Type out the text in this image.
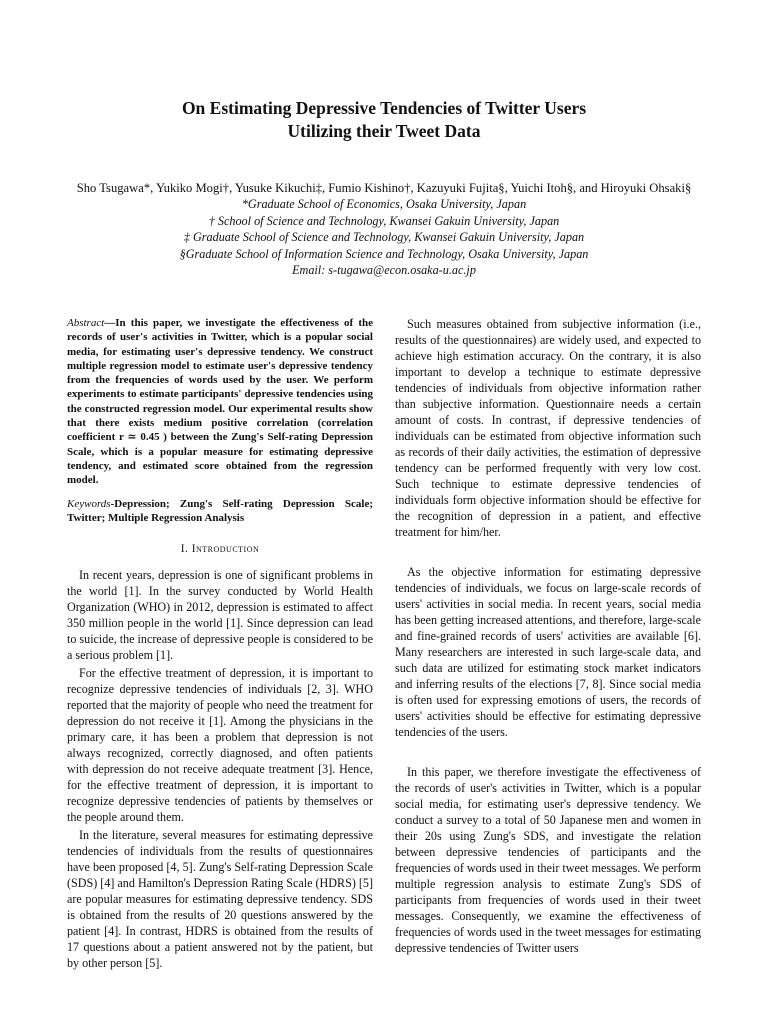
On Estimating Depressive Tendencies of Twitter Users
Utilizing their Tweet Data
Sho Tsugawa*, Yukiko Mogi†, Yusuke Kikuchi‡, Fumio Kishino†, Kazuyuki Fujita§, Yuichi Itoh§, and Hiroyuki Ohsaki§
*Graduate School of Economics, Osaka University, Japan
† School of Science and Technology, Kwansei Gakuin University, Japan
‡ Graduate School of Science and Technology, Kwansei Gakuin University, Japan
§Graduate School of Information Science and Technology, Osaka University, Japan
Email: s-tugawa@econ.osaka-u.ac.jp
Abstract—In this paper, we investigate the effectiveness of the records of user's activities in Twitter, which is a popular social media, for estimating user's depressive tendency. We construct multiple regression model to estimate user's depressive tendency from the frequencies of words used by the user. We perform experiments to estimate participants' depressive tendencies using the constructed regression model. Our experimental results show that there exists medium positive correlation (correlation coefficient r ≃ 0.45 ) between the Zung's Self-rating Depression Scale, which is a popular measure for estimating depressive tendency, and estimated score obtained from the regression model.
Keywords-Depression; Zung's Self-rating Depression Scale; Twitter; Multiple Regression Analysis
I. Introduction

In recent years, depression is one of significant problems in the world [1]. In the survey conducted by World Health Organization (WHO) in 2012, depression is estimated to affect 350 million people in the world [1]. Since depression can lead to suicide, the increase of depressive people is considered to be a serious problem [1].

For the effective treatment of depression, it is important to recognize depressive tendencies of individuals [2, 3]. WHO reported that the majority of people who need the treatment for depression do not receive it [1]. Among the physicians in the primary care, it has been a problem that depression is not always recognized, correctly diagnosed, and often patients with depression do not receive adequate treatment [3]. Hence, for the effective treatment of depression, it is important to recognize depressive tendencies of patients by themselves or the people around them.

In the literature, several measures for estimating depressive tendencies of individuals from the results of questionnaires have been proposed [4, 5]. Zung's Self-rating Depression Scale (SDS) [4] and Hamilton's Depression Rating Scale (HDRS) [5] are popular measures for estimating depressive tendency. SDS is obtained from the results of 20 questions answered by the patient [4]. In contrast, HDRS is obtained from the results of 17 questions about a patient answered not by the patient, but by other person [5].

Such measures obtained from subjective information (i.e., results of the questionnaires) are widely used, and expected to achieve high estimation accuracy. On the contrary, it is also important to develop a technique to estimate depressive tendencies of individuals from objective information rather than subjective information. Questionnaire needs a certain amount of costs. In contrast, if depressive tendencies of individuals can be estimated from objective information such as records of their daily activities, the estimation of depressive tendency can be performed frequently with very low cost. Such technique to estimate depressive tendencies of individuals form objective information should be effective for the recognition of depression in a patient, and effective treatment for him/her.

As the objective information for estimating depressive tendencies of individuals, we focus on large-scale records of users' activities in social media. In recent years, social media has been getting increased attentions, and therefore, large-scale and fine-grained records of users' activities are available [6]. Many researchers are interested in such large-scale data, and such data are utilized for estimating stock market indicators and inferring results of the elections [7, 8]. Since social media is often used for expressing emotions of users, the records of users' activities should be effective for estimating depressive tendencies of the users.

In this paper, we therefore investigate the effectiveness of the records of user's activities in Twitter, which is a popular social media, for estimating user's depressive tendency. We conduct a survey to a total of 50 Japanese men and women in their 20s using Zung's SDS, and investigate the relation between depressive tendencies of participants and the frequencies of words used in their tweet messages. We perform multiple regression analysis to estimate Zung's SDS of participants from frequencies of words used in their tweet messages. Consequently, we examine the effectiveness of frequencies of words used in the tweet messages for estimating depressive tendencies of Twitter users
